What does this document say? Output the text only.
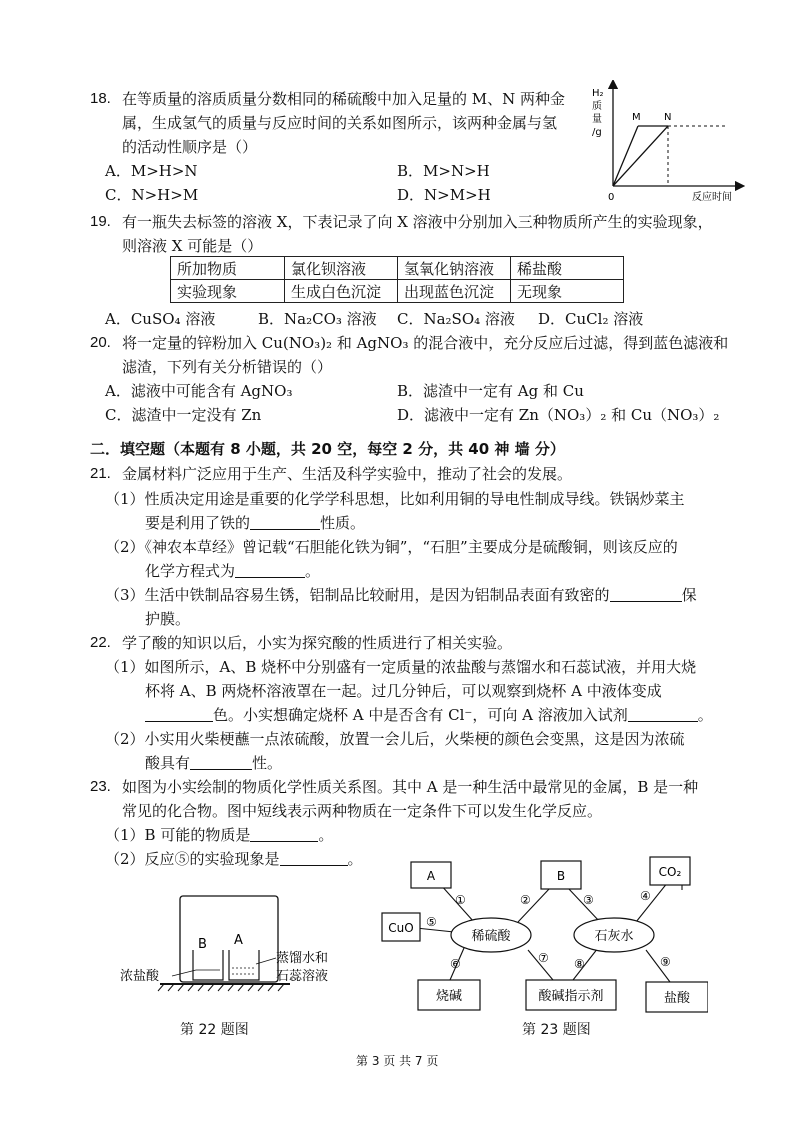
18. 在等质量的溶质质量分数相同的稀硫酸中加入足量的 M、N 两种金
属，生成氢气的质量与反应时间的关系如图所示，该两种金属与氢
的活动性顺序是（）
A．M>H>N	B．M>N>H
C．N>H>M	D．N>M>H
H₂
质
量
/g
M N
0	反应时间
19. 有一瓶失去标签的溶液 X，下表记录了向 X 溶液中分别加入三种物质所产生的实验现象，
则溶液 X 可能是（）
所加物质	氯化钡溶液	氢氧化钠溶液	稀盐酸
实验现象	生成白色沉淀	出现蓝色沉淀	无现象
A．CuSO₄ 溶液	B．Na₂CO₃ 溶液 C．Na₂SO₄ 溶液 D．CuCl₂ 溶液
20. 将一定量的锌粉加入 Cu(NO₃)₂ 和 AgNO₃ 的混合液中，充分反应后过滤，得到蓝色滤液和
滤渣，下列有关分析错误的（）
A．滤液中可能含有 AgNO₃	B．滤渣中一定有 Ag 和 Cu
C．滤渣中一定没有 Zn	D．滤液中一定有 Zn（NO₃）₂ 和 Cu（NO₃）₂
二．填空题（本题有 8 小题，共 20 空，每空 2 分，共 40 神 墙 分）
21. 金属材料广泛应用于生产、生活及科学实验中，推动了社会的发展。
（1）性质决定用途是重要的化学学科思想，比如利用铜的导电性制成导线。铁锅炒菜主
要是利用了铁的	性质。
（2）《神农本草经》曾记载“石胆能化铁为铜”，“石胆”主要成分是硫酸铜，则该反应的
化学方程式为	。
（3）生活中铁制品容易生锈，铝制品比较耐用，是因为铝制品表面有致密的	保
护膜。
22. 学了酸的知识以后，小实为探究酸的性质进行了相关实验。
（1）如图所示，A、B 烧杯中分别盛有一定质量的浓盐酸与蒸馏水和石蕊试液，并用大烧
杯将 A、B 两烧杯溶液罩在一起。过几分钟后，可以观察到烧杯 A 中液体变成
色。小实想确定烧杯 A 中是否含有 Cl⁻，可向 A 溶液加入试剂	。
（2）小实用火柴梗蘸一点浓硫酸，放置一会儿后，火柴梗的颜色会变黑，这是因为浓硫
酸具有	性。
23. 如图为小实绘制的物质化学性质关系图。其中 A 是一种生活中最常见的金属，B 是一种
常见的化合物。图中短线表示两种物质在一定条件下可以发生化学反应。
（1）B 可能的物质是	。
（2）反应⑤的实验现象是	。
B A
浓盐酸
蒸馏水和
石蕊溶液
第 22 题图
A	B	CO₂
CuO
稀硫酸	石灰水
烧碱	酸碱指示剂	盐酸
①	②	③	④
⑤
⑥	⑦ ⑧	⑨
第 23 题图
第 3 页 共 7 页
